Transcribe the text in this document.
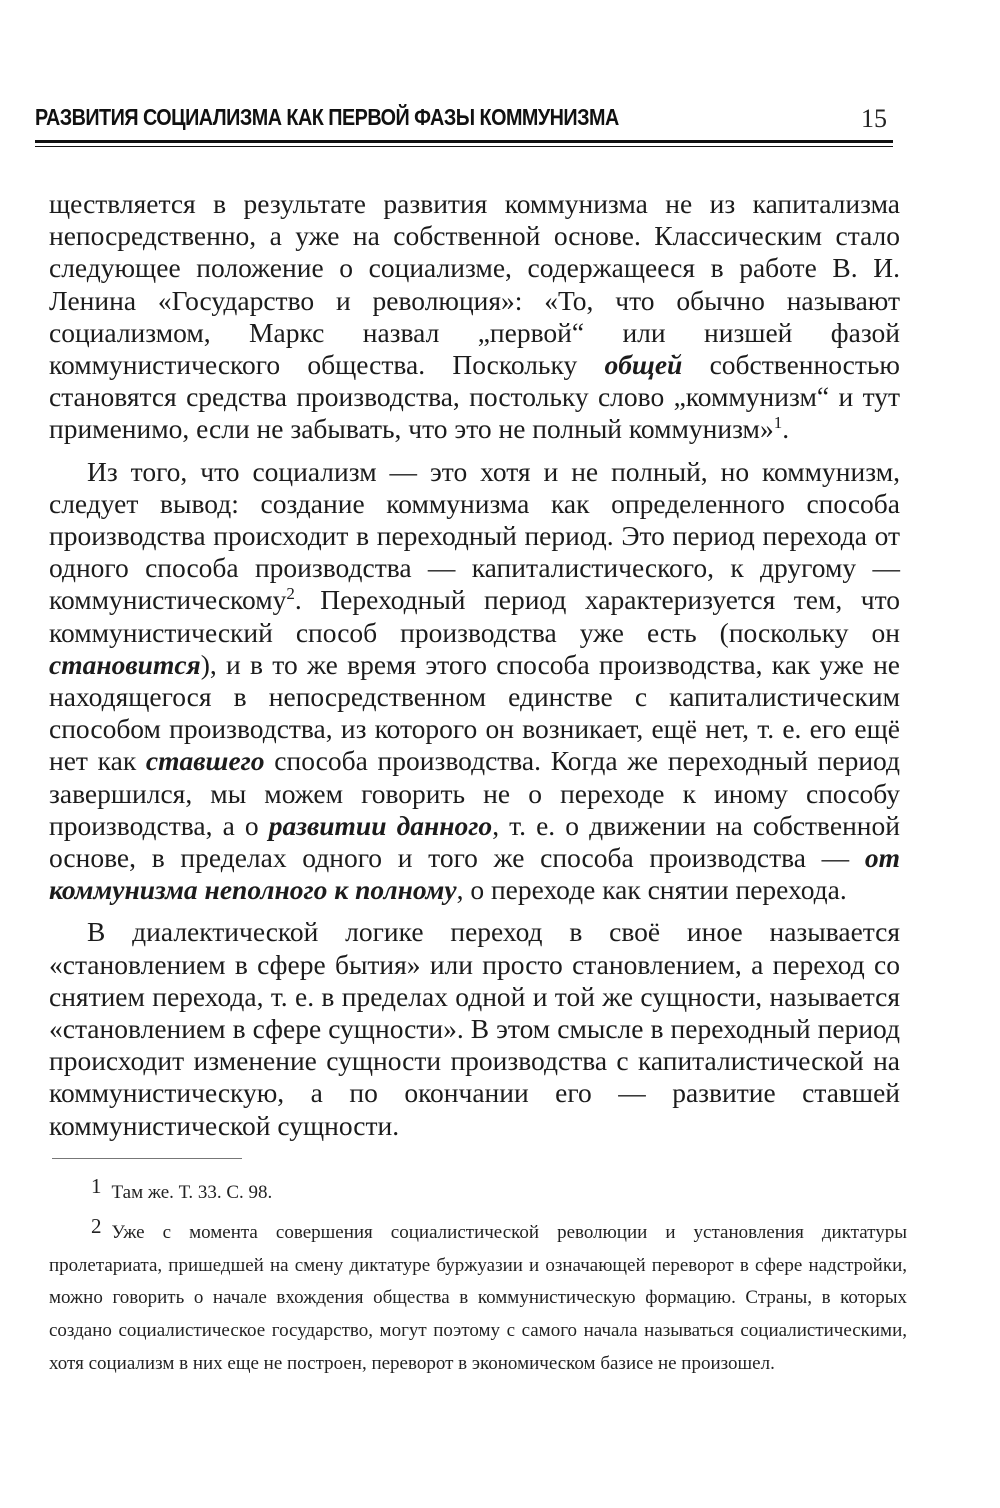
РАЗВИТИЯ СОЦИАЛИЗМА КАК ПЕРВОЙ ФАЗЫ КОММУНИЗМА	15

ществляется в результате развития коммунизма не из капитализма непосредственно, а уже на собственной основе. Классическим стало следующее положение о социализме, содержащееся в работе В. И. Ленина «Государство и революция»: «То, что обычно называют социализмом, Маркс назвал „первой“ или низшей фазой коммунистического общества. Поскольку общей собственностью становятся средства производства, постольку слово „коммунизм“ и тут применимо, если не забывать, что это не полный коммунизм»$^1$.

Из того, что социализм — это хотя и не полный, но коммунизм, следует вывод: создание коммунизма как определенного способа производства происходит в переходный период. Это период перехода от одного способа производства — капиталистического, к другому — коммунистическому$^2$. Переходный период характеризуется тем, что коммунистический способ производства уже есть (поскольку он становится), и в то же время этого способа производства, как уже не находящегося в непосредственном единстве с капиталистическим способом производства, из которого он возникает, ещё нет, т. е. его ещё нет как ставшего способа производства. Когда же переходный период завершился, мы можем говорить не о переходе к иному способу производства, а о развитии данного, т. е. о движении на собственной основе, в пределах одного и того же способа производства — от коммунизма неполного к полному, о переходе как снятии перехода.

В диалектической логике переход в своё иное называется «становлением в сфере бытия» или просто становлением, а переход со снятием перехода, т. е. в пределах одной и той же сущности, называется «становлением в сфере сущности». В этом смысле в переходный период происходит изменение сущности производства с капиталистической на коммунистическую, а по окончании его — развитие ставшей коммунистической сущности.

1 Там же. Т. 33. С. 98.

2 Уже с момента совершения социалистической революции и установления диктатуры пролетариата, пришедшей на смену диктатуре буржуазии и означающей переворот в сфере надстройки, можно говорить о начале вхождения общества в коммунистическую формацию. Страны, в которых создано социалистическое государство, могут поэтому с самого начала называться социалистическими, хотя социализм в них еще не построен, переворот в экономическом базисе не произошел.
